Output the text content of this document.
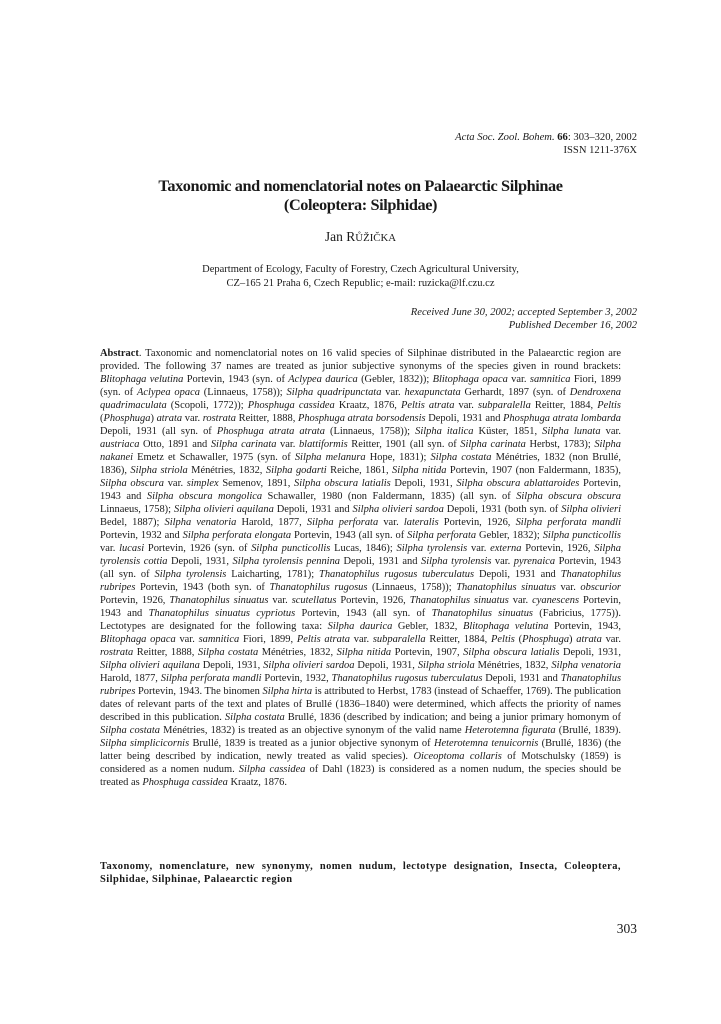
Acta Soc. Zool. Bohem. 66: 303–320, 2002
ISSN 1211-376X
Taxonomic and nomenclatorial notes on Palaearctic Silphinae
(Coleoptera: Silphidae)
Jan RŮŽIČKA
Department of Ecology, Faculty of Forestry, Czech Agricultural University,
CZ–165 21 Praha 6, Czech Republic; e-mail: ruzicka@lf.czu.cz
Received June 30, 2002; accepted September 3, 2002
Published December 16, 2002
Abstract. Taxonomic and nomenclatorial notes on 16 valid species of Silphinae distributed in the Palaearctic region are provided. The following 37 names are treated as junior subjective synonyms of the species given in round brackets: Blitophaga velutina Portevin, 1943 (syn. of Aclypea daurica (Gebler, 1832)); Blitophaga opaca var. samnitica Fiori, 1899 (syn. of Aclypea opaca (Linnaeus, 1758)); Silpha quadripunctata var. hexapunctata Gerhardt, 1897 (syn. of Dendroxena quadrimaculata (Scopoli, 1772)); Phosphuga cassidea Kraatz, 1876, Peltis atrata var. subparalella Reitter, 1884, Peltis (Phosphuga) atrata var. rostrata Reitter, 1888, Phosphuga atrata borsodensis Depoli, 1931 and Phosphuga atrata lombarda Depoli, 1931 (all syn. of Phosphuga atrata atrata (Linnaeus, 1758)); Silpha italica Küster, 1851, Silpha lunata var. austriaca Otto, 1891 and Silpha carinata var. blattiformis Reitter, 1901 (all syn. of Silpha carinata Herbst, 1783); Silpha nakanei Emetz et Schawaller, 1975 (syn. of Silpha melanura Hope, 1831); Silpha costata Ménétries, 1832 (non Brullé, 1836), Silpha striola Ménétries, 1832, Silpha godarti Reiche, 1861, Silpha nitida Portevin, 1907 (non Faldermann, 1835), Silpha obscura var. simplex Semenov, 1891, Silpha obscura latialis Depoli, 1931, Silpha obscura ablattaroides Portevin, 1943 and Silpha obscura mongolica Schawaller, 1980 (non Faldermann, 1835) (all syn. of Silpha obscura obscura Linnaeus, 1758); Silpha olivieri aquilana Depoli, 1931 and Silpha olivieri sardoa Depoli, 1931 (both syn. of Silpha olivieri Bedel, 1887); Silpha venatoria Harold, 1877, Silpha perforata var. lateralis Portevin, 1926, Silpha perforata mandli Portevin, 1932 and Silpha perforata elongata Portevin, 1943 (all syn. of Silpha perforata Gebler, 1832); Silpha puncticollis var. lucasi Portevin, 1926 (syn. of Silpha puncticollis Lucas, 1846); Silpha tyrolensis var. externa Portevin, 1926, Silpha tyrolensis cottia Depoli, 1931, Silpha tyrolensis pennina Depoli, 1931 and Silpha tyrolensis var. pyrenaica Portevin, 1943 (all syn. of Silpha tyrolensis Laicharting, 1781); Thanatophilus rugosus tuberculatus Depoli, 1931 and Thanatophilus rubripes Portevin, 1943 (both syn. of Thanatophilus rugosus (Linnaeus, 1758)); Thanatophilus sinuatus var. obscurior Portevin, 1926, Thanatophilus sinuatus var. scutellatus Portevin, 1926, Thanatophilus sinuatus var. cyanescens Portevin, 1943 and Thanatophilus sinuatus cypriotus Portevin, 1943 (all syn. of Thanatophilus sinuatus (Fabricius, 1775)). Lectotypes are designated for the following taxa: Silpha daurica Gebler, 1832, Blitophaga velutina Portevin, 1943, Blitophaga opaca var. samnitica Fiori, 1899, Peltis atrata var. subparalella Reitter, 1884, Peltis (Phosphuga) atrata var. rostrata Reitter, 1888, Silpha costata Ménétries, 1832, Silpha nitida Portevin, 1907, Silpha obscura latialis Depoli, 1931, Silpha olivieri aquilana Depoli, 1931, Silpha olivieri sardoa Depoli, 1931, Silpha striola Ménétries, 1832, Silpha venatoria Harold, 1877, Silpha perforata mandli Portevin, 1932, Thanatophilus rugosus tuberculatus Depoli, 1931 and Thanatophilus rubripes Portevin, 1943. The binomen Silpha hirta is attributed to Herbst, 1783 (instead of Schaeffer, 1769). The publication dates of relevant parts of the text and plates of Brullé (1836–1840) were determined, which affects the priority of names described in this publication. Silpha costata Brullé, 1836 (described by indication; and being a junior primary homonym of Silpha costata Ménétries, 1832) is treated as an objective synonym of the valid name Heterotemna figurata (Brullé, 1839). Silpha simplicicornis Brullé, 1839 is treated as a junior objective synonym of Heterotemna tenuicornis (Brullé, 1836) (the latter being described by indication, newly treated as valid species). Oiceoptoma collaris of Motschulsky (1859) is considered as a nomen nudum. Silpha cassidea of Dahl (1823) is considered as a nomen nudum, the species should be treated as Phosphuga cassidea Kraatz, 1876.
Taxonomy, nomenclature, new synonymy, nomen nudum, lectotype designation, Insecta, Coleoptera, Silphidae, Silphinae, Palaearctic region
303
